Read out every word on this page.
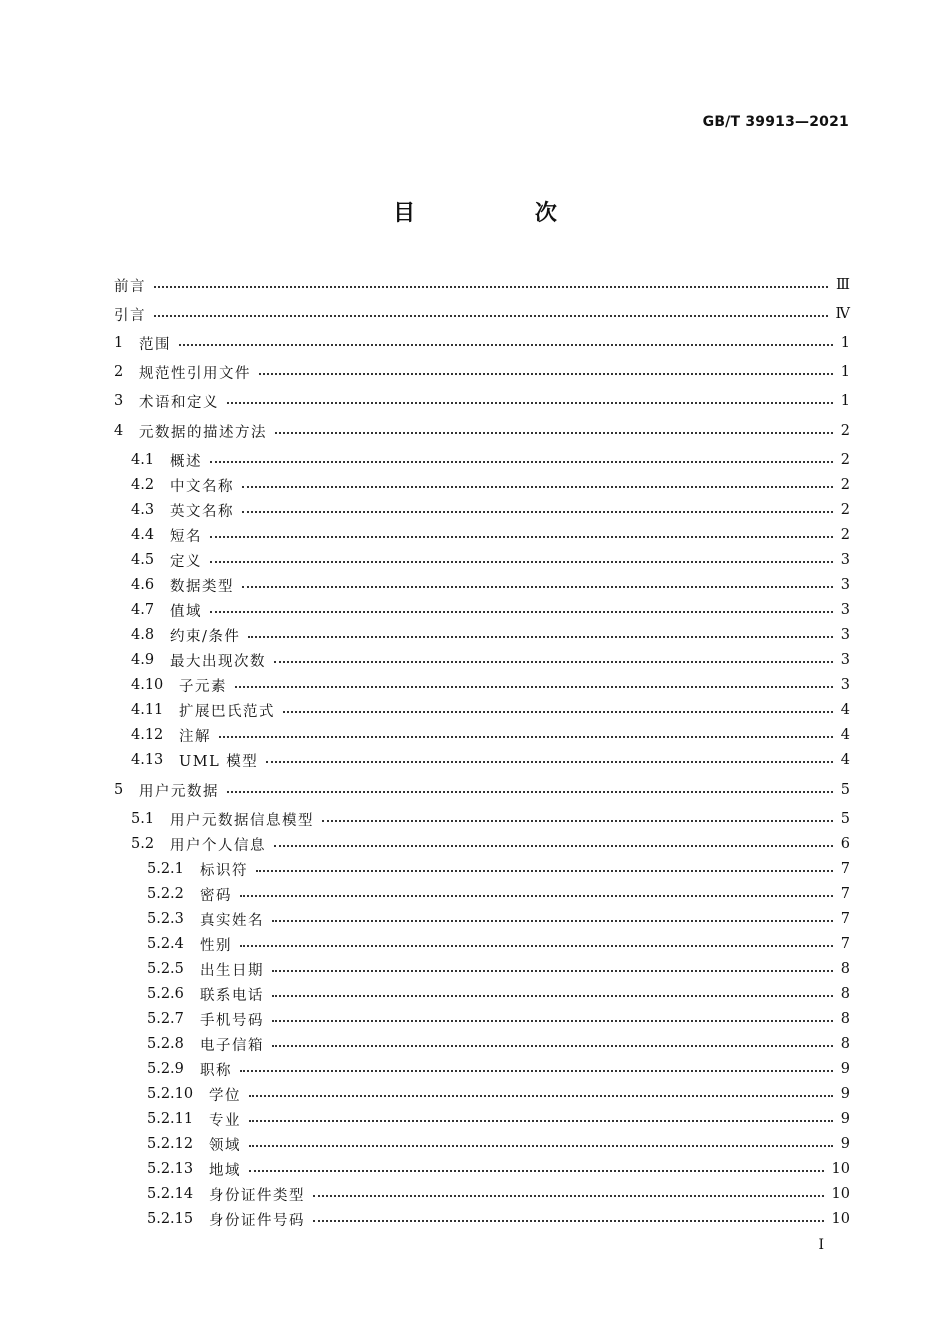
GB/T 39913—2021
目 次
前言	Ⅲ
引言	Ⅳ
1	范围	1
2	规范性引用文件	1
3	术语和定义	1
4	元数据的描述方法	2
4.1	概述	2
4.2	中文名称	2
4.3	英文名称	2
4.4	短名	2
4.5	定义	3
4.6	数据类型	3
4.7	值域	3
4.8	约束/条件	3
4.9	最大出现次数	3
4.10	子元素	3
4.11	扩展巴氏范式	4
4.12	注解	4
4.13	UML 模型	4
5	用户元数据	5
5.1	用户元数据信息模型	5
5.2	用户个人信息	6
5.2.1	标识符	7
5.2.2	密码	7
5.2.3	真实姓名	7
5.2.4	性别	7
5.2.5	出生日期	8
5.2.6	联系电话	8
5.2.7	手机号码	8
5.2.8	电子信箱	8
5.2.9	职称	9
5.2.10	学位	9
5.2.11	专业	9
5.2.12	领域	9
5.2.13	地域	10
5.2.14	身份证件类型	10
5.2.15	身份证件号码	10
I
